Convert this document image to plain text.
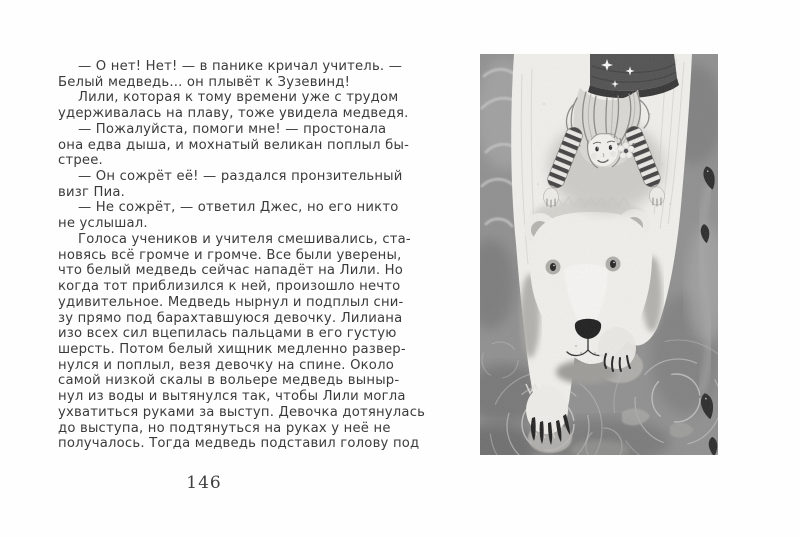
— О нет! Нет! — в панике кричал учитель. —
Белый медведь... он плывёт к Зузевинд!
Лили, которая к тому времени уже с трудом
удерживалась на плаву, тоже увидела медведя.
— Пожалуйста, помоги мне! — простонала
она едва дыша, и мохнатый великан поплыл бы-
стрее.
— Он сожрёт её! — раздался пронзительный
визг Пиа.
— Не сожрёт, — ответил Джес, но его никто
не услышал.
Голоса учеников и учителя смешивались, ста-
новясь всё громче и громче. Все были уверены,
что белый медведь сейчас нападёт на Лили. Но
когда тот приблизился к ней, произошло нечто
удивительное. Медведь нырнул и подплыл сни-
зу прямо под барахтавшуюся девочку. Лилиана
изо всех сил вцепилась пальцами в его густую
шерсть. Потом белый хищник медленно развер-
нулся и поплыл, везя девочку на спине. Около
самой низкой скалы в вольере медведь выныр-
нул из воды и вытянулся так, чтобы Лили могла
ухватиться руками за выступ. Девочка дотянулась
до выступа, но подтянуться на руках у неё не
получалось. Тогда медведь подставил голову под
146
